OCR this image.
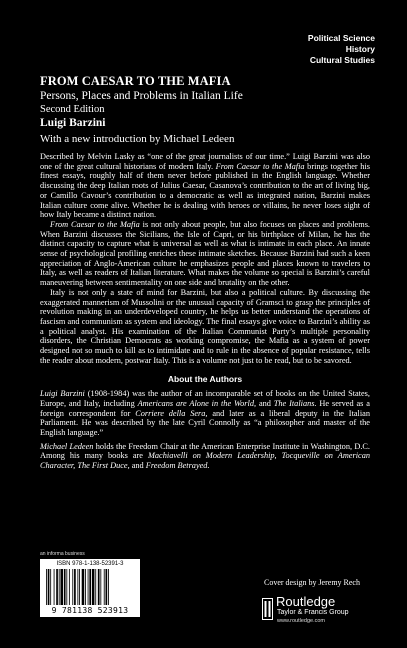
Political Science
History
Cultural Studies
FROM CAESAR TO THE MAFIA
Persons, Places and Problems in Italian Life
Second Edition
Luigi Barzini
With a new introduction by Michael Ledeen

Described by Melvin Lasky as “one of the great journalists of our time.” Luigi Barzini was also one of the great cultural historians of modern Italy. From Caesar to the Mafia brings together his finest essays, roughly half of them never before published in the English language. Whether discussing the deep Italian roots of Julius Caesar, Casanova’s contribution to the art of living big, or Camillo Cavour’s contribution to a democratic as well as integrated nation, Barzini makes Italian culture come alive. Whether he is dealing with heroes or villains, he never loses sight of how Italy became a distinct nation.

From Caesar to the Mafia is not only about people, but also focuses on places and problems. When Barzini discusses the Sicilians, the Isle of Capri, or his birthplace of Milan, he has the distinct capacity to capture what is universal as well as what is intimate in each place. An innate sense of psychological profiling enriches these intimate sketches. Because Barzini had such a keen appreciation of Anglo-American culture he emphasizes people and places known to travelers to Italy, as well as readers of Italian literature. What makes the volume so special is Barzini’s careful maneuvering between sentimentality on one side and brutality on the other.

Italy is not only a state of mind for Barzini, but also a political culture. By discussing the exaggerated mannerism of Mussolini or the unusual capacity of Gramsci to grasp the principles of revolution making in an underdeveloped country, he helps us better understand the operations of fascism and communism as system and ideology. The final essays give voice to Barzini’s ability as a political analyst. His examination of the Italian Communist Party’s multiple personality disorders, the Christian Democrats as working compromise, the Mafia as a system of power designed not so much to kill as to intimidate and to rule in the absence of popular resistance, tells the reader about modern, postwar Italy. This is a volume not just to be read, but to be savored.

About the Authors

Luigi Barzini (1908-1984) was the author of an incomparable set of books on the United States, Europe, and Italy, including Americans are Alone in the World, and The Italians. He served as a foreign correspondent for Corriere della Sera, and later as a liberal deputy in the Italian Parliament. He was described by the late Cyril Connolly as “a philosopher and master of the English language.”

Michael Ledeen holds the Freedom Chair at the American Enterprise Institute in Washington, D.C. Among his many books are Machiavelli on Modern Leadership, Tocqueville on American Character, The First Duce, and Freedom Betrayed.

an informa business
ISBN 978-1-138-52391-3
9 781138 523913
Cover design by Jeremy Rech
Routledge
Taylor & Francis Group
www.routledge.com
